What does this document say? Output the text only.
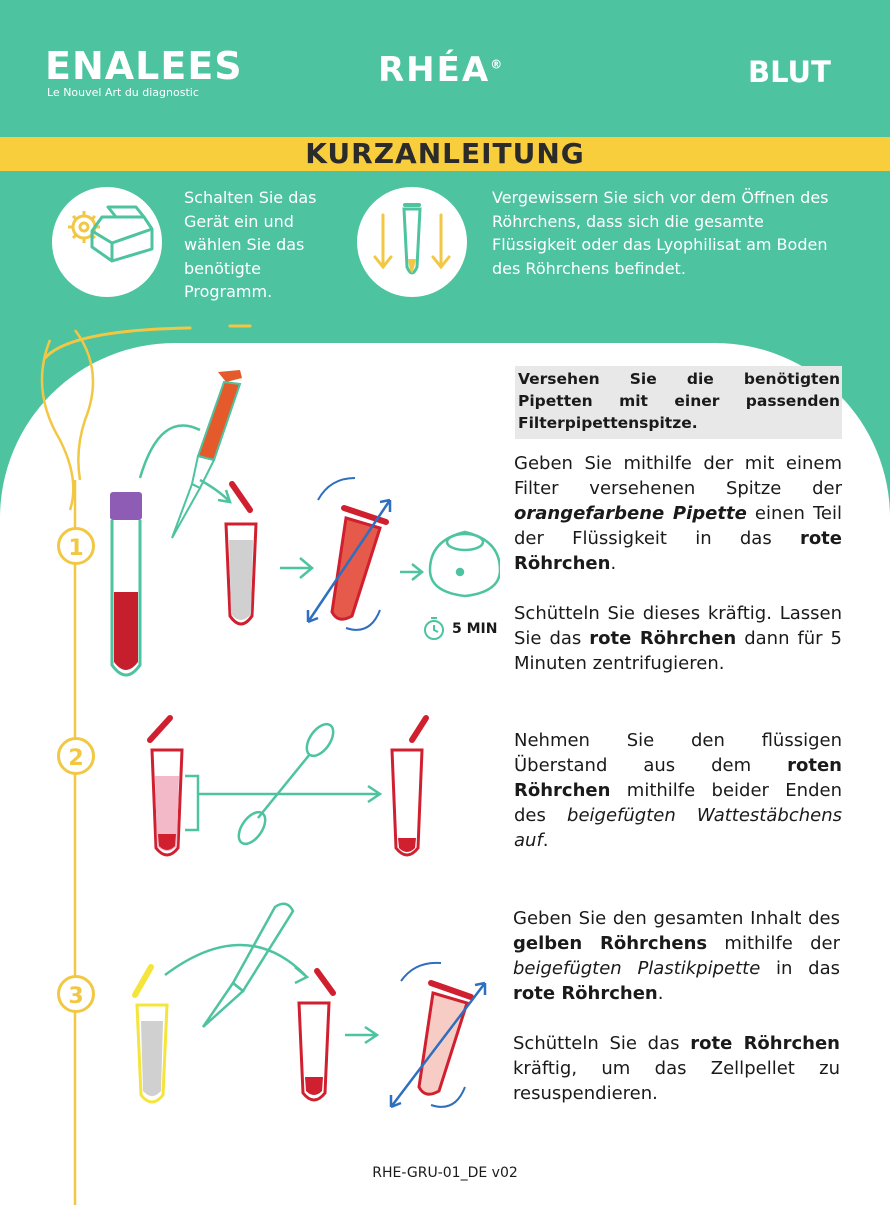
ENALEES
Le Nouvel Art du diagnostic
RHÉA®	BLUT
KURZANLEITUNG
Schalten Sie das Gerät ein und wählen Sie das benötigte Programm.
Vergewissern Sie sich vor dem Öffnen des Röhrchens, dass sich die gesamte Flüssigkeit oder das Lyophilisat am Boden des Röhrchens befindet.
1
2
3
5 MIN
Versehen Sie die benötigten Pipetten mit einer passenden Filterpipettenspitze.
Geben Sie mithilfe der mit einem Filter versehenen Spitze der orangefarbene Pipette einen Teil der Flüssigkeit in das rote Röhrchen.
Schütteln Sie dieses kräftig. Lassen Sie das rote Röhrchen dann für 5 Minuten zentrifugieren.
Nehmen Sie den flüssigen Überstand aus dem roten Röhrchen mithilfe beider Enden des beigefügten Wattestäbchens auf.
Geben Sie den gesamten Inhalt des gelben Röhrchens mithilfe der beigefügten Plastikpipette in das rote Röhrchen.
Schütteln Sie das rote Röhrchen kräftig, um das Zellpellet zu resuspendieren.
RHE-GRU-01_DE v02
